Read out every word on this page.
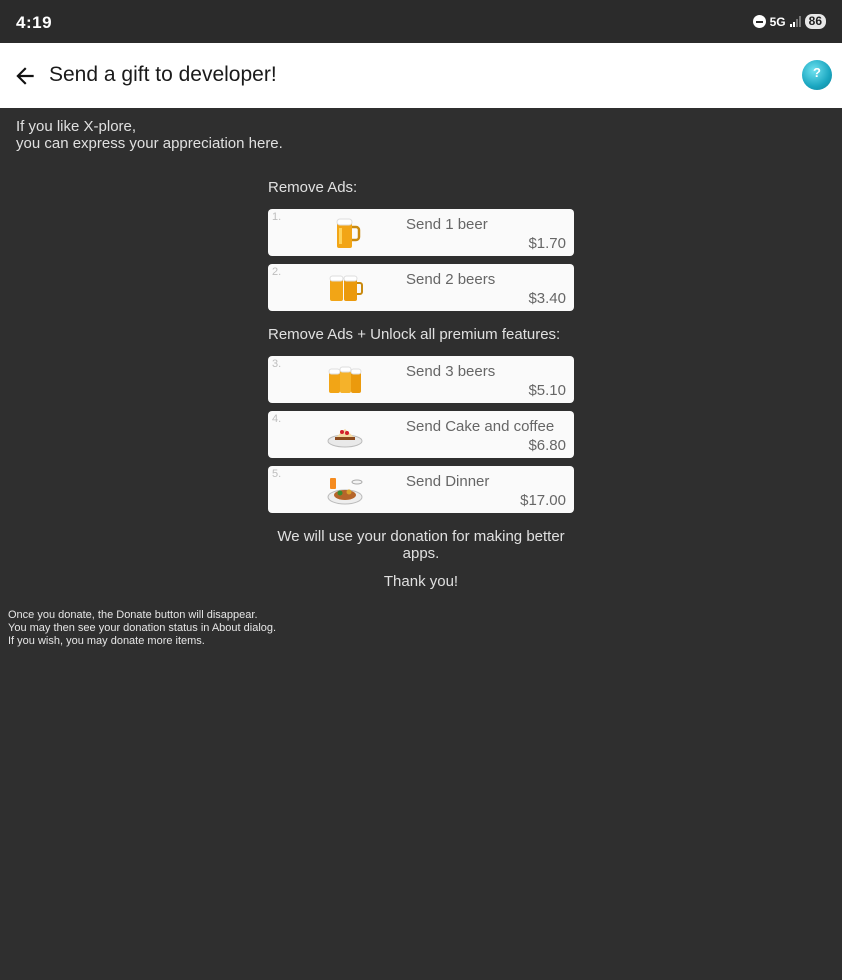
4:19	5G	86
Send a gift to developer!	?
If you like X-plore,
you can express your appreciation here.
Remove Ads:
1.	Send 1 beer
$1.70
2.	Send 2 beers
$3.40
Remove Ads + Unlock all premium features:
3.	Send 3 beers
$5.10
4.	Send Cake and coffee
$6.80
5.	Send Dinner
$17.00
We will use your donation for making better
apps.
Thank you!
Once you donate, the Donate button will disappear.
You may then see your donation status in About dialog.
If you wish, you may donate more items.
